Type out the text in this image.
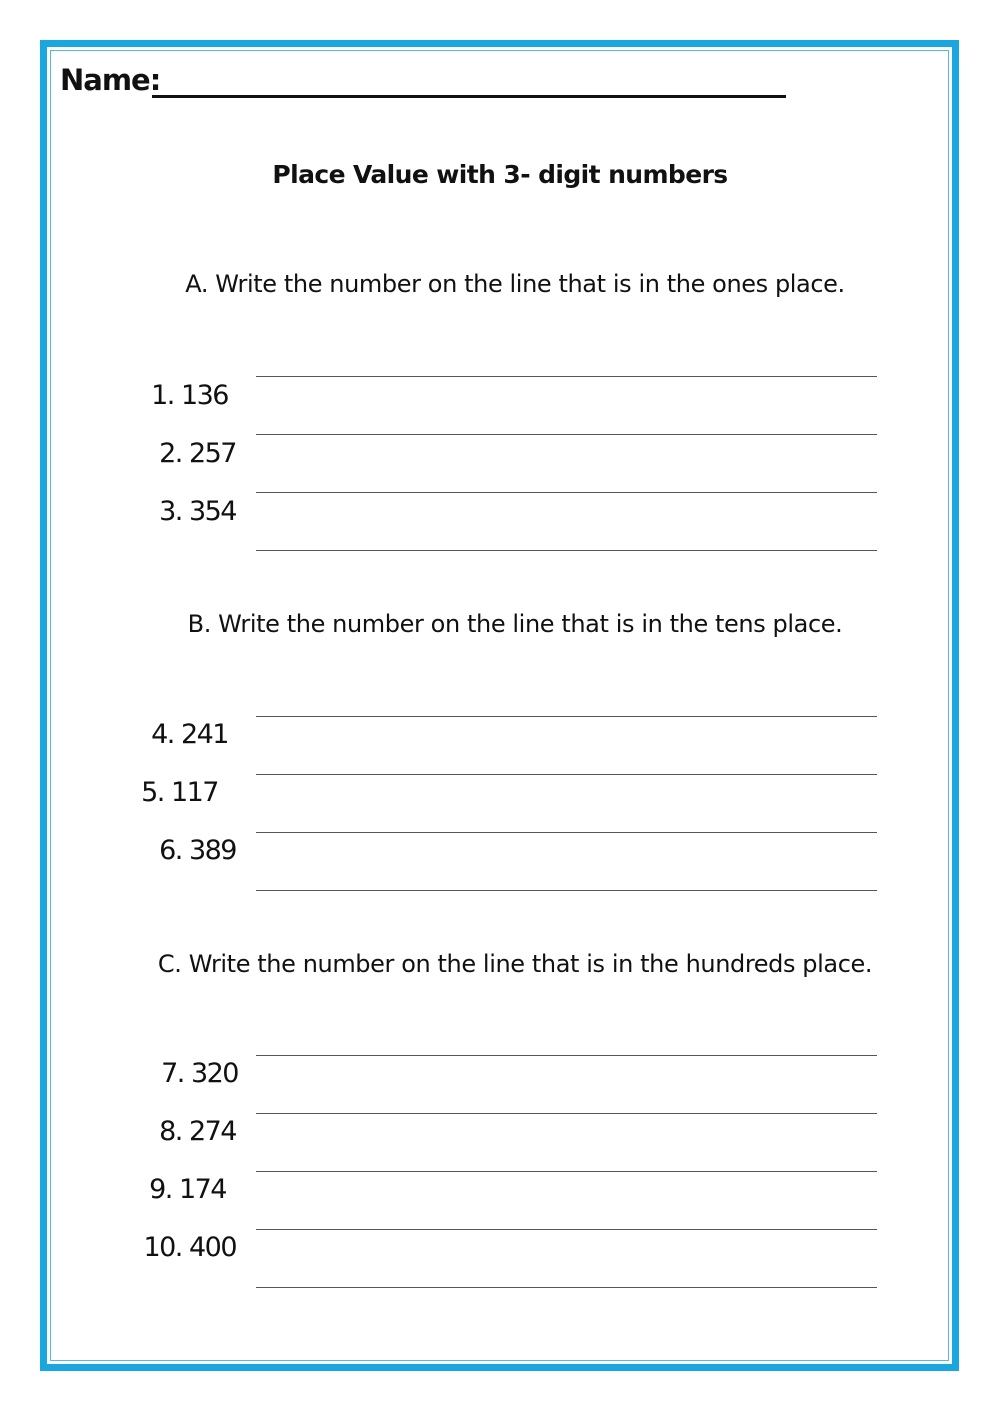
Name:
Place Value with 3- digit numbers
A. Write the number on the line that is in the ones place.
1. 136
2. 257
3. 354
B. Write the number on the line that is in the tens place.
4. 241
5. 117
6. 389
C. Write the number on the line that is in the hundreds place.
7. 320
8. 274
9. 174
10. 400
